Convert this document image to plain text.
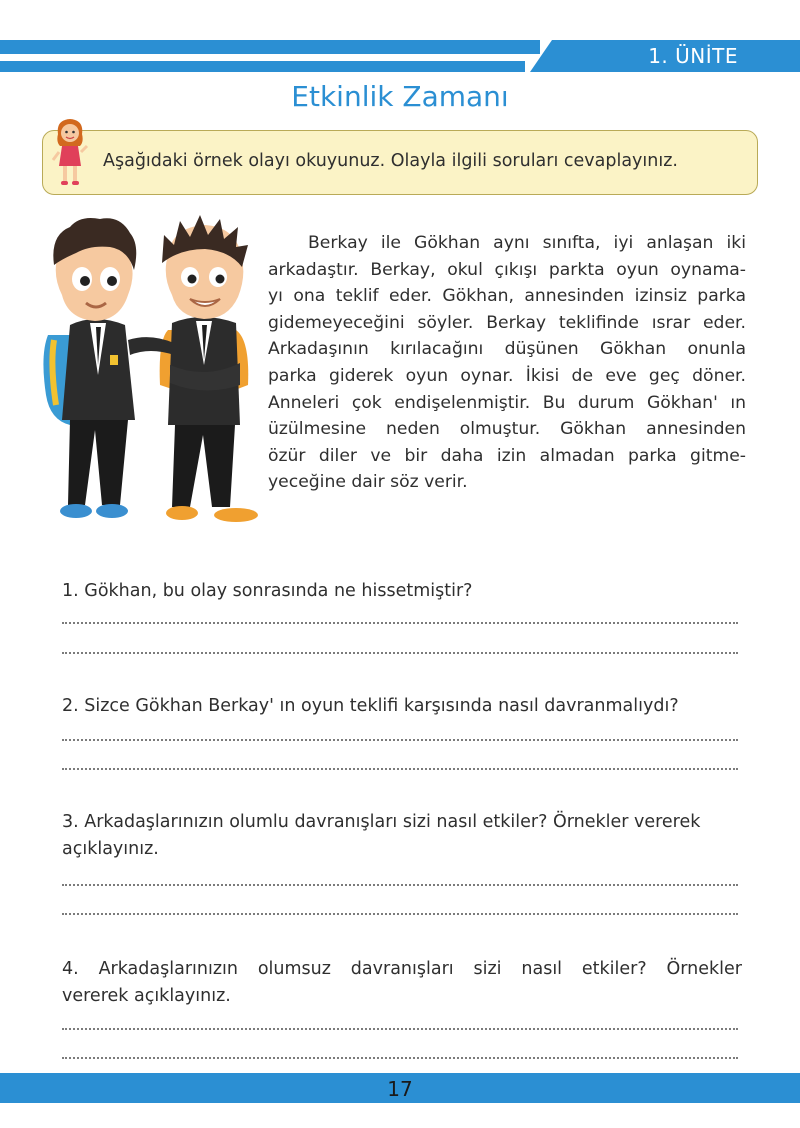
1. ÜNİTE
Etkinlik Zamanı
Aşağıdaki örnek olayı okuyunuz. Olayla ilgili soruları cevaplayınız.
Berkay ile Gökhan aynı sınıfta, iyi anlaşan iki
arkadaştır. Berkay, okul çıkışı parkta oyun oynama-
yı ona teklif eder. Gökhan, annesinden izinsiz parka
gidemeyeceğini söyler. Berkay teklifinde ısrar eder.
Arkadaşının kırılacağını düşünen Gökhan onunla
parka giderek oyun oynar. İkisi de eve geç döner.
Anneleri çok endişelenmiştir. Bu durum Gökhan' ın
üzülmesine neden olmuştur. Gökhan annesinden
özür diler ve bir daha izin almadan parka gitme-
yeceğine dair söz verir.
1. Gökhan, bu olay sonrasında ne hissetmiştir?
2. Sizce Gökhan Berkay' ın oyun teklifi karşısında nasıl davranmalıydı?
3. Arkadaşlarınızın olumlu davranışları sizi nasıl etkiler? Örnekler vererek
açıklayınız.
4. Arkadaşlarınızın olumsuz davranışları sizi nasıl etkiler? Örnekler
vererek açıklayınız.
17
